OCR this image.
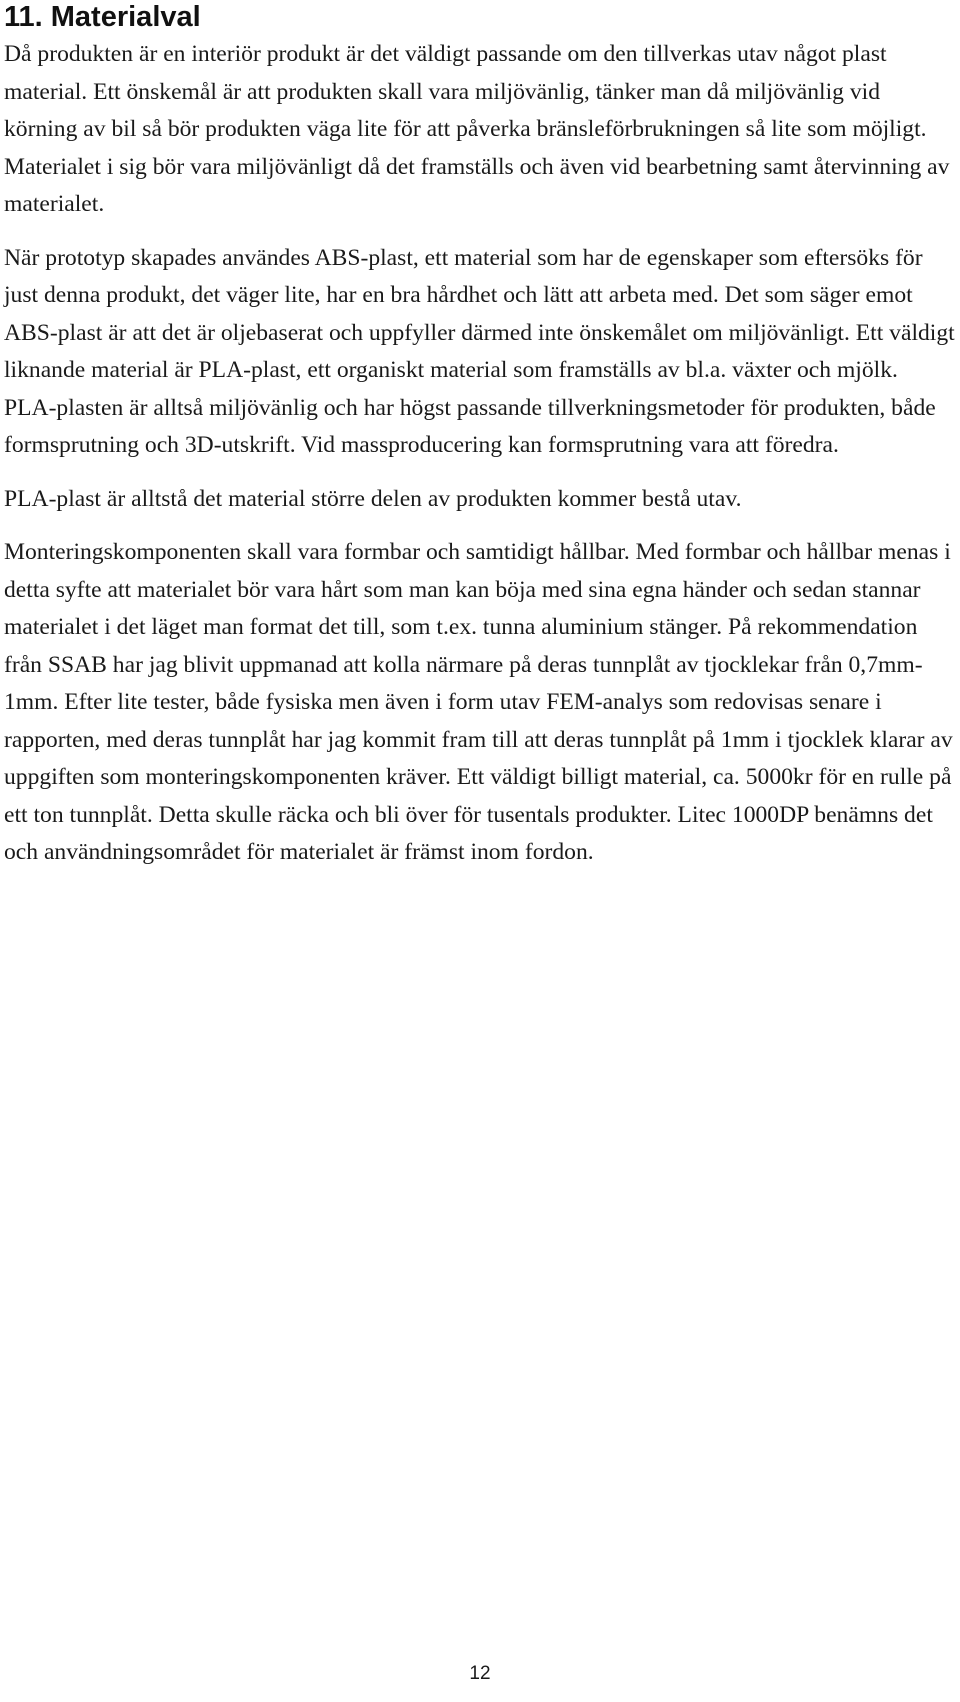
11. Materialval

Då produkten är en interiör produkt är det väldigt passande om den tillverkas utav något plast material. Ett önskemål är att produkten skall vara miljövänlig, tänker man då miljövänlig vid körning av bil så bör produkten väga lite för att påverka bränsleförbrukningen så lite som möjligt. Materialet i sig bör vara miljövänligt då det framställs och även vid bearbetning samt återvinning av materialet.

När prototyp skapades användes ABS-plast, ett material som har de egenskaper som eftersöks för just denna produkt, det väger lite, har en bra hårdhet och lätt att arbeta med. Det som säger emot ABS-plast är att det är oljebaserat och uppfyller därmed inte önskemålet om miljövänligt. Ett väldigt liknande material är PLA-plast, ett organiskt material som framställs av bl.a. växter och mjölk. PLA-plasten är alltså miljövänlig och har högst passande tillverkningsmetoder för produkten, både formsprutning och 3D-utskrift. Vid massproducering kan formsprutning vara att föredra.

PLA-plast är alltstå det material större delen av produkten kommer bestå utav.

Monteringskomponenten skall vara formbar och samtidigt hållbar. Med formbar och hållbar menas i detta syfte att materialet bör vara hårt som man kan böja med sina egna händer och sedan stannar materialet i det läget man format det till, som t.ex. tunna aluminium stänger. På rekommendation från SSAB har jag blivit uppmanad att kolla närmare på deras tunnplåt av tjocklekar från 0,7mm-1mm. Efter lite tester, både fysiska men även i form utav FEM-analys som redovisas senare i rapporten, med deras tunnplåt har jag kommit fram till att deras tunnplåt på 1mm i tjocklek klarar av uppgiften som monteringskomponenten kräver. Ett väldigt billigt material, ca. 5000kr för en rulle på ett ton tunnplåt. Detta skulle räcka och bli över för tusentals produkter. Litec 1000DP benämns det och användningsområdet för materialet är främst inom fordon.

12
